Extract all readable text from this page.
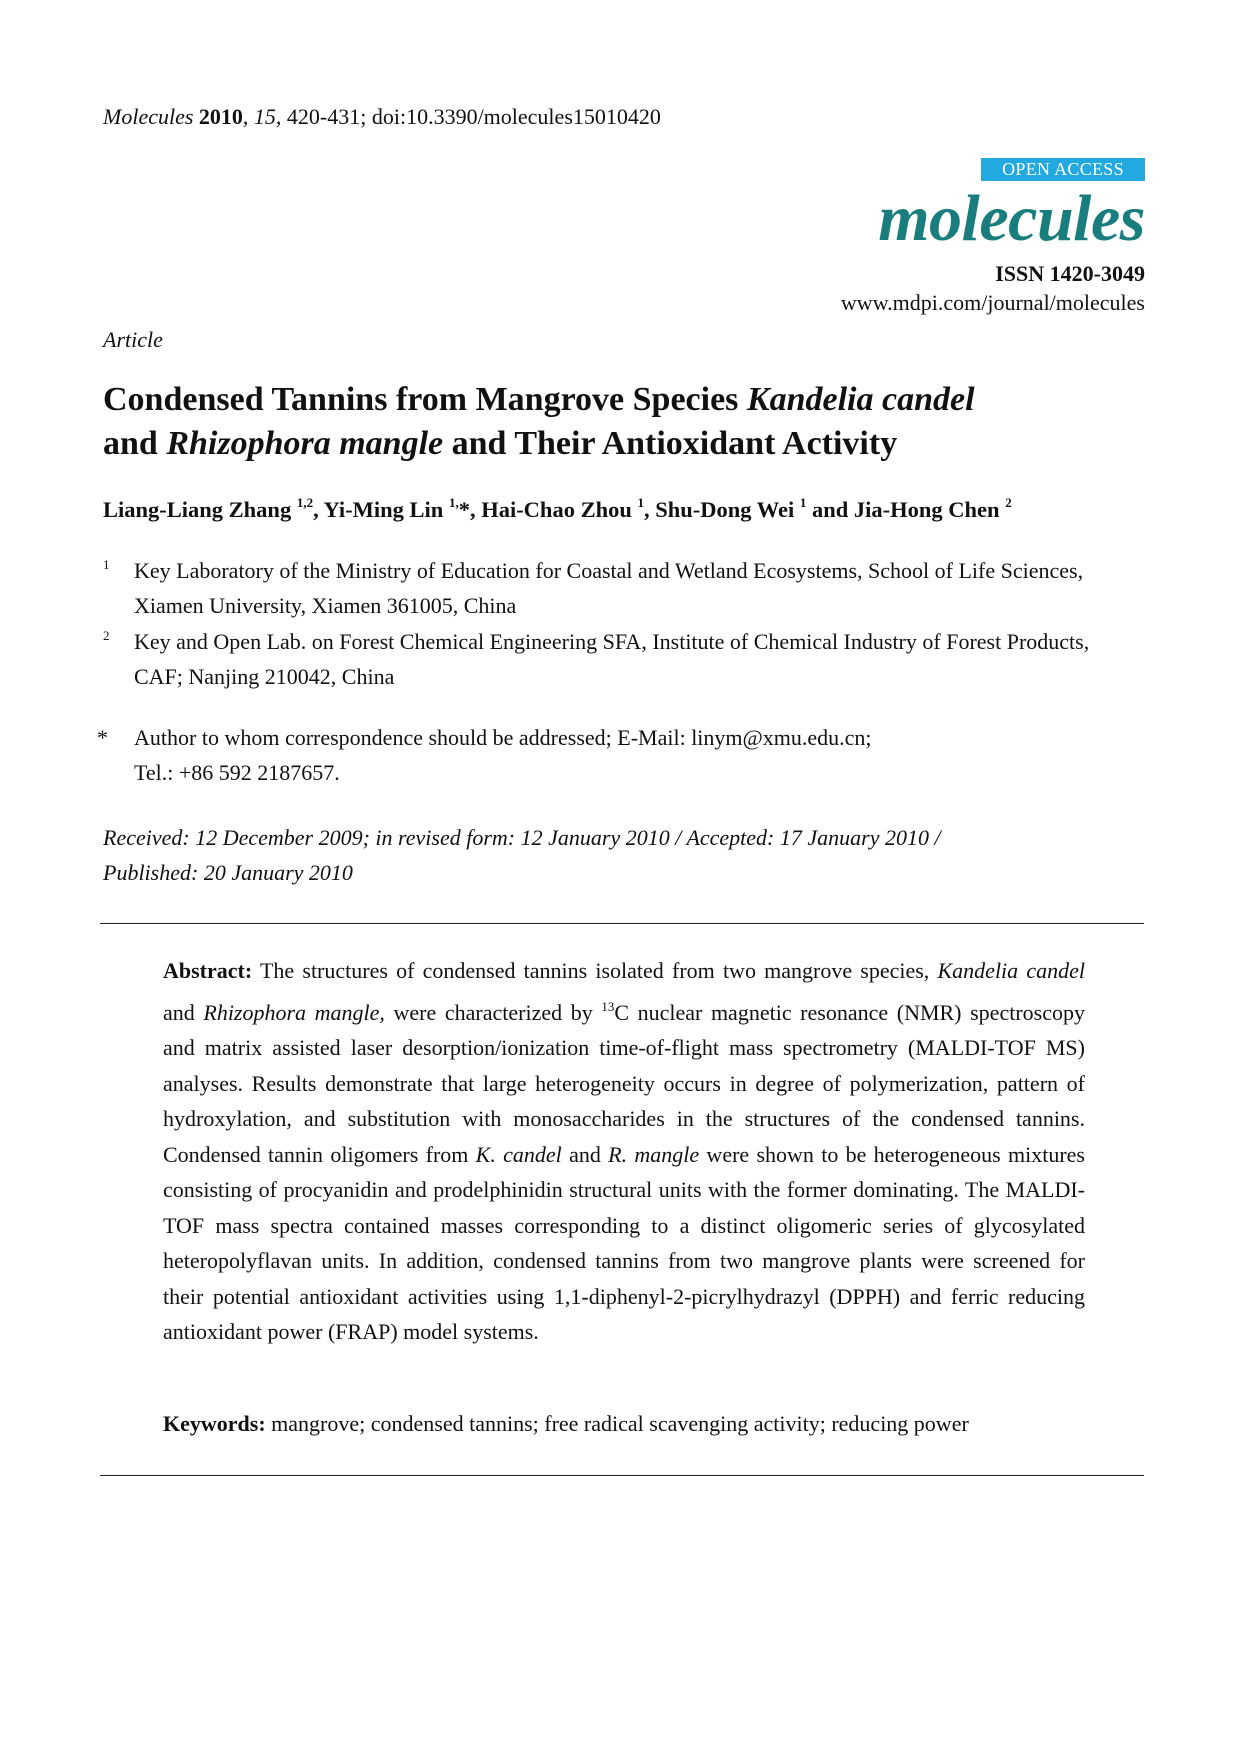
Molecules 2010, 15, 420-431; doi:10.3390/molecules15010420
OPEN ACCESS
molecules
ISSN 1420-3049
www.mdpi.com/journal/molecules
Article
Condensed Tannins from Mangrove Species Kandelia candel
and Rhizophora mangle and Their Antioxidant Activity
Liang-Liang Zhang $^{1,2}$, Yi-Ming Lin $^{1,}$*, Hai-Chao Zhou $^1$, Shu-Dong Wei $^1$ and Jia-Hong Chen $^2$
1 Key Laboratory of the Ministry of Education for Coastal and Wetland Ecosystems, School of Life Sciences, Xiamen University, Xiamen 361005, China
2 Key and Open Lab. on Forest Chemical Engineering SFA, Institute of Chemical Industry of Forest Products, CAF; Nanjing 210042, China
* Author to whom correspondence should be addressed; E-Mail: linym@xmu.edu.cn;
Tel.: +86 592 2187657.
Received: 12 December 2009; in revised form: 12 January 2010 / Accepted: 17 January 2010 /
Published: 20 January 2010
Abstract: The structures of condensed tannins isolated from two mangrove species, Kandelia candel and Rhizophora mangle, were characterized by $^{13}$C nuclear magnetic resonance (NMR) spectroscopy and matrix assisted laser desorption/ionization time-of-flight mass spectrometry (MALDI-TOF MS) analyses. Results demonstrate that large heterogeneity occurs in degree of polymerization, pattern of hydroxylation, and substitution with monosaccharides in the structures of the condensed tannins. Condensed tannin oligomers from K. candel and R. mangle were shown to be heterogeneous mixtures consisting of procyanidin and prodelphinidin structural units with the former dominating. The MALDI-TOF mass spectra contained masses corresponding to a distinct oligomeric series of glycosylated heteropolyflavan units. In addition, condensed tannins from two mangrove plants were screened for their potential antioxidant activities using 1,1-diphenyl-2-picrylhydrazyl (DPPH) and ferric reducing antioxidant power (FRAP) model systems.
Keywords: mangrove; condensed tannins; free radical scavenging activity; reducing power
